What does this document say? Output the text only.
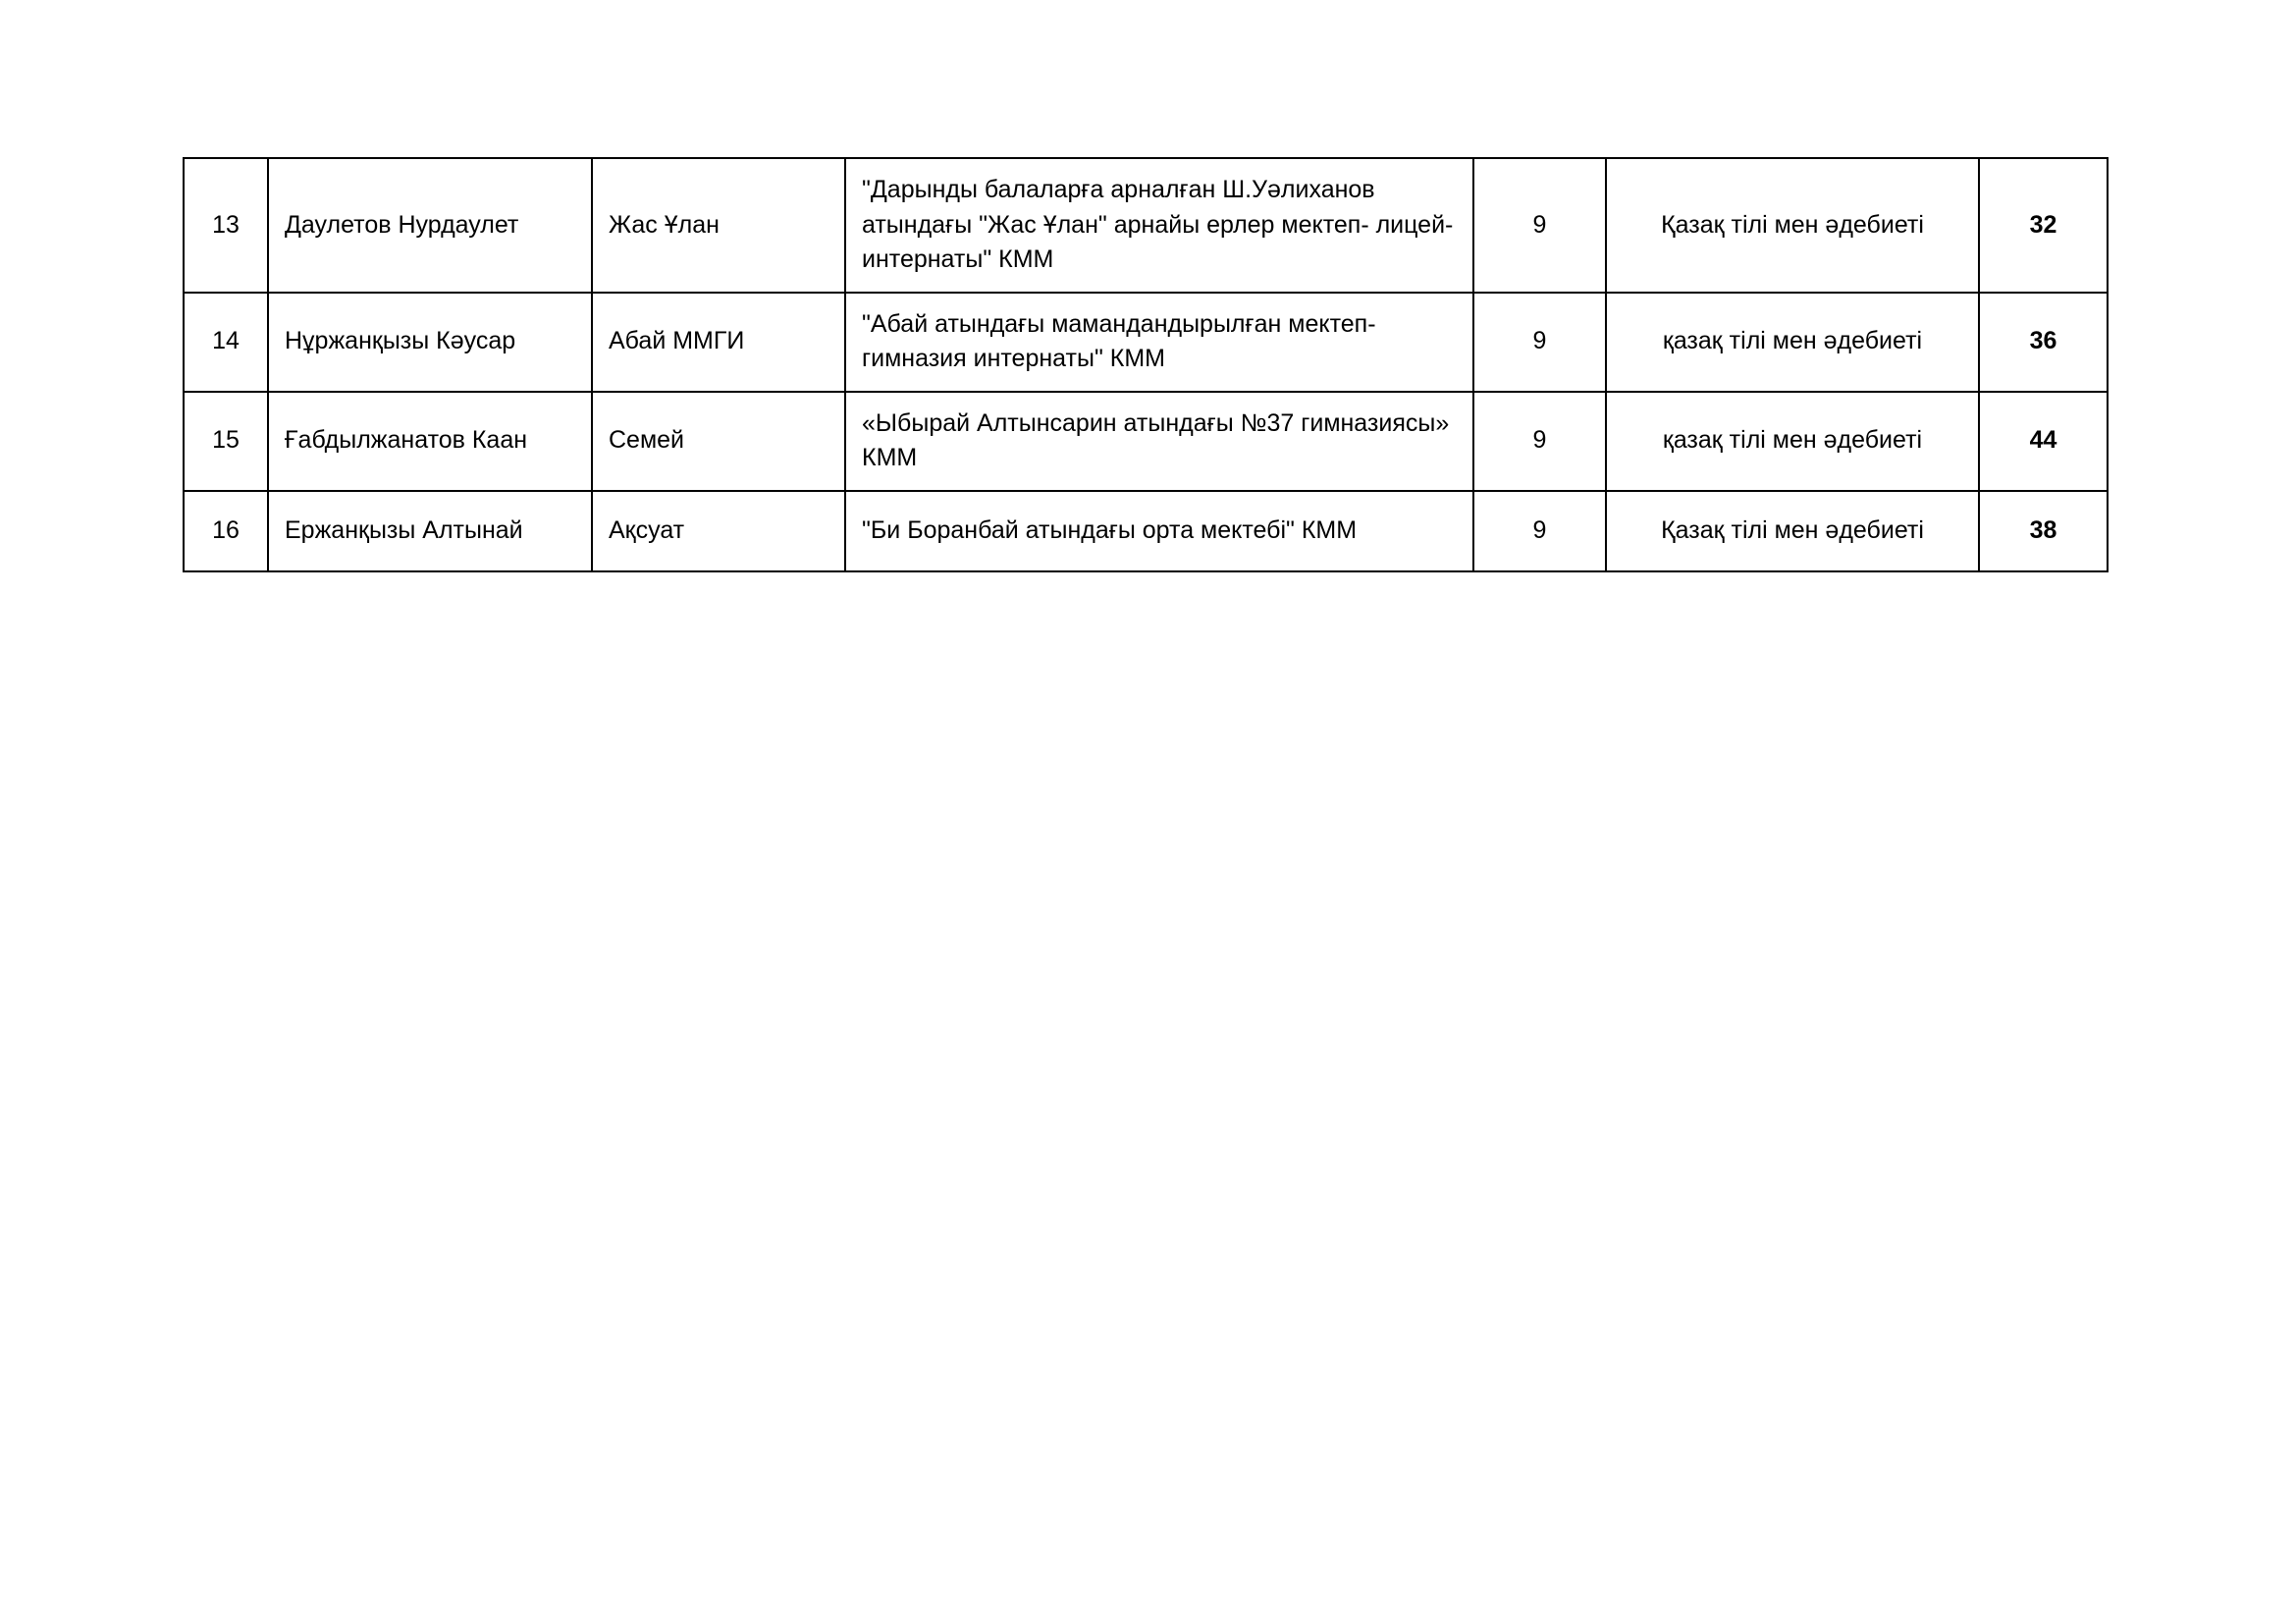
13	Даулетов Нурдаулет	Жас Ұлан	"Дарынды балаларға арналған Ш.Уәлиханов атындағы "Жас Ұлан" арнайы ерлер мектеп- лицей-интернаты" КММ	9	Қазақ тілі мен әдебиеті	32
14	Нұржанқызы Кәусар	Абай ММГИ	"Абай атындағы мамандандырылған мектеп-гимназия интернаты" КММ	9	қазақ тілі мен әдебиеті	36
15	Ғабдылжанатов Каан	Семей	«Ыбырай Алтынсарин атындағы №37 гимназиясы» КММ	9	қазақ тілі мен әдебиеті	44
16	Ержанқызы Алтынай	Ақсуат	"Би Боранбай атындағы орта мектебі" КММ	9	Қазақ тілі мен әдебиеті	38
